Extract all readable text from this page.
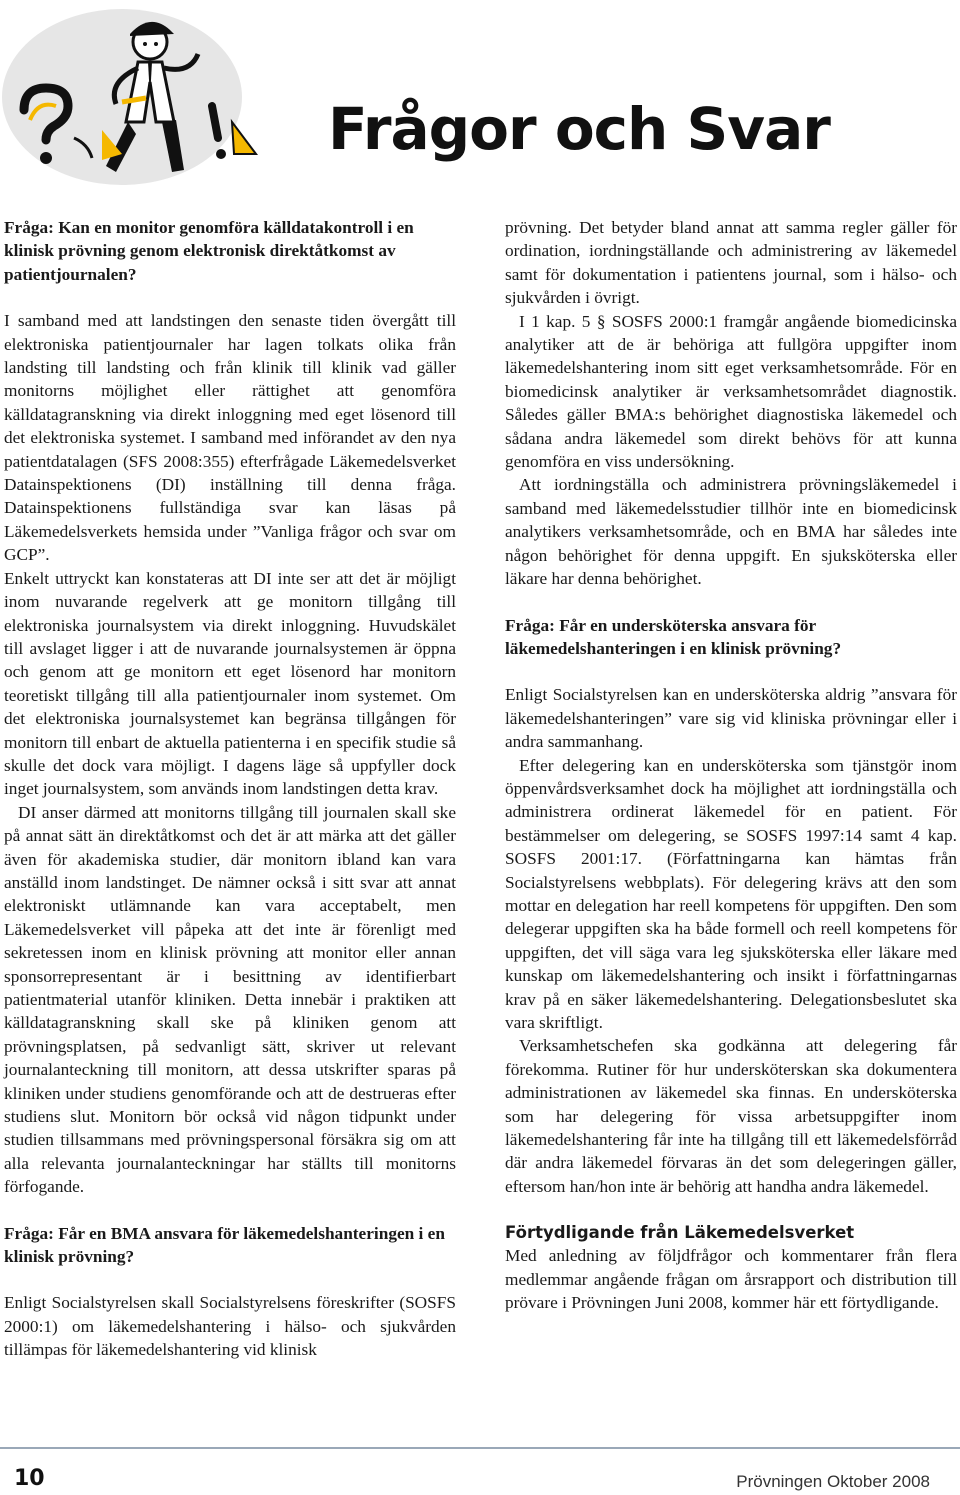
Frågor och Svar

Fråga: Kan en monitor genomföra källdatakontroll i en klinisk prövning genom elektronisk direktåtkomst av patientjournalen?

I samband med att landstingen den senaste tiden övergått till elektroniska patientjournaler har lagen tolkats olika från landsting till landsting och från klinik till klinik vad gäller monitorns möjlighet eller rättighet att genomföra källdatagranskning via direkt inloggning med eget lösenord till det elektroniska systemet. I samband med införandet av den nya patientdatalagen (SFS 2008:355) efterfrågade Läkemedelsverket Datainspektionens (DI) inställning till denna fråga. Datainspektionens fullständiga svar kan läsas på Läkemedelsverkets hemsida under ”Vanliga frågor och svar om GCP”.

Enkelt uttryckt kan konstateras att DI inte ser att det är möjligt inom nuvarande regelverk att ge monitorn tillgång till elektroniska journalsystem via direkt inloggning. Huvudskälet till avslaget ligger i att de nuvarande journalsystemen är öppna och genom att ge monitorn ett eget lösenord har monitorn teoretiskt tillgång till alla patientjournaler inom systemet. Om det elektroniska journalsystemet kan begränsa tillgången för monitorn till enbart de aktuella patienterna i en specifik studie så skulle det dock vara möjligt. I dagens läge så uppfyller dock inget journalsystem, som används inom landstingen detta krav.

DI anser därmed att monitorns tillgång till journalen skall ske på annat sätt än direktåtkomst och det är att märka att det gäller även för akademiska studier, där monitorn ibland kan vara anställd inom landstinget. De nämner också i sitt svar att annat elektroniskt utlämnande kan vara acceptabelt, men Läkemedelsverket vill påpeka att det inte är förenligt med sekretessen inom en klinisk prövning att monitor eller annan sponsorrepresentant är i besittning av identifierbart patientmaterial utanför kliniken. Detta innebär i praktiken att källdatagranskning skall ske på kliniken genom att prövningsplatsen, på sedvanligt sätt, skriver ut relevant journalanteckning till monitorn, att dessa utskrifter sparas på kliniken under studiens genomförande och att de destrueras efter studiens slut. Monitorn bör också vid någon tidpunkt under studien tillsammans med prövningspersonal försäkra sig om att alla relevanta journalanteckningar har ställts till monitorns förfogande.

Fråga: Får en BMA ansvara för läkemedelshanteringen i en klinisk prövning?

Enligt Socialstyrelsen skall Socialstyrelsens föreskrifter (SOSFS 2000:1) om läkemedelshantering i hälso- och sjukvården tillämpas för läkemedelshantering vid klinisk

prövning. Det betyder bland annat att samma regler gäller för ordination, iordningställande och administrering av läkemedel samt för dokumentation i patientens journal, som i hälso- och sjukvården i övrigt.

I 1 kap. 5 § SOSFS 2000:1 framgår angående biomedicinska analytiker att de är behöriga att fullgöra uppgifter inom läkemedelshantering inom sitt eget verksamhetsområde. För en biomedicinsk analytiker är verksamhetsområdet diagnostik. Således gäller BMA:s behörighet diagnostiska läkemedel och sådana andra läkemedel som direkt behövs för att kunna genomföra en viss undersökning.

Att iordningställa och administrera prövningsläkemedel i samband med läkemedelsstudier tillhör inte en biomedicinsk analytikers verksamhetsområde, och en BMA har således inte någon behörighet för denna uppgift. En sjuksköterska eller läkare har denna behörighet.

Fråga: Får en undersköterska ansvara för läkemedelshanteringen i en klinisk prövning?

Enligt Socialstyrelsen kan en undersköterska aldrig ”ansvara för läkemedelshanteringen” vare sig vid kliniska prövningar eller i andra sammanhang.

Efter delegering kan en undersköterska som tjänstgör inom öppenvårdsverksamhet dock ha möjlighet att iordningställa och administrera ordinerat läkemedel för en patient. För bestämmelser om delegering, se SOSFS 1997:14 samt 4 kap. SOSFS 2001:17. (Författningarna kan hämtas från Socialstyrelsens webbplats). För delegering krävs att den som mottar en delegation har reell kompetens för uppgiften. Den som delegerar uppgiften ska ha både formell och reell kompetens för uppgiften, det vill säga vara leg sjuksköterska eller läkare med kunskap om läkemedelshantering och insikt i författningarnas krav på en säker läkemedelshantering. Delegationsbeslutet ska vara skriftligt.

Verksamhetschefen ska godkänna att delegering får förekomma. Rutiner för hur undersköterskan ska dokumentera administrationen av läkemedel ska finnas. En undersköterska som har delegering för vissa arbetsuppgifter inom läkemedelshantering får inte ha tillgång till ett läkemedelsförråd där andra läkemedel förvaras än det som delegeringen gäller, eftersom han/hon inte är behörig att handha andra läkemedel.

Förtydligande från Läkemedelsverket

Med anledning av följdfrågor och kommentarer från flera medlemmar angående frågan om årsrapport och distribution till prövare i Prövningen Juni 2008, kommer här ett förtydligande.

10	Prövningen Oktober 2008
